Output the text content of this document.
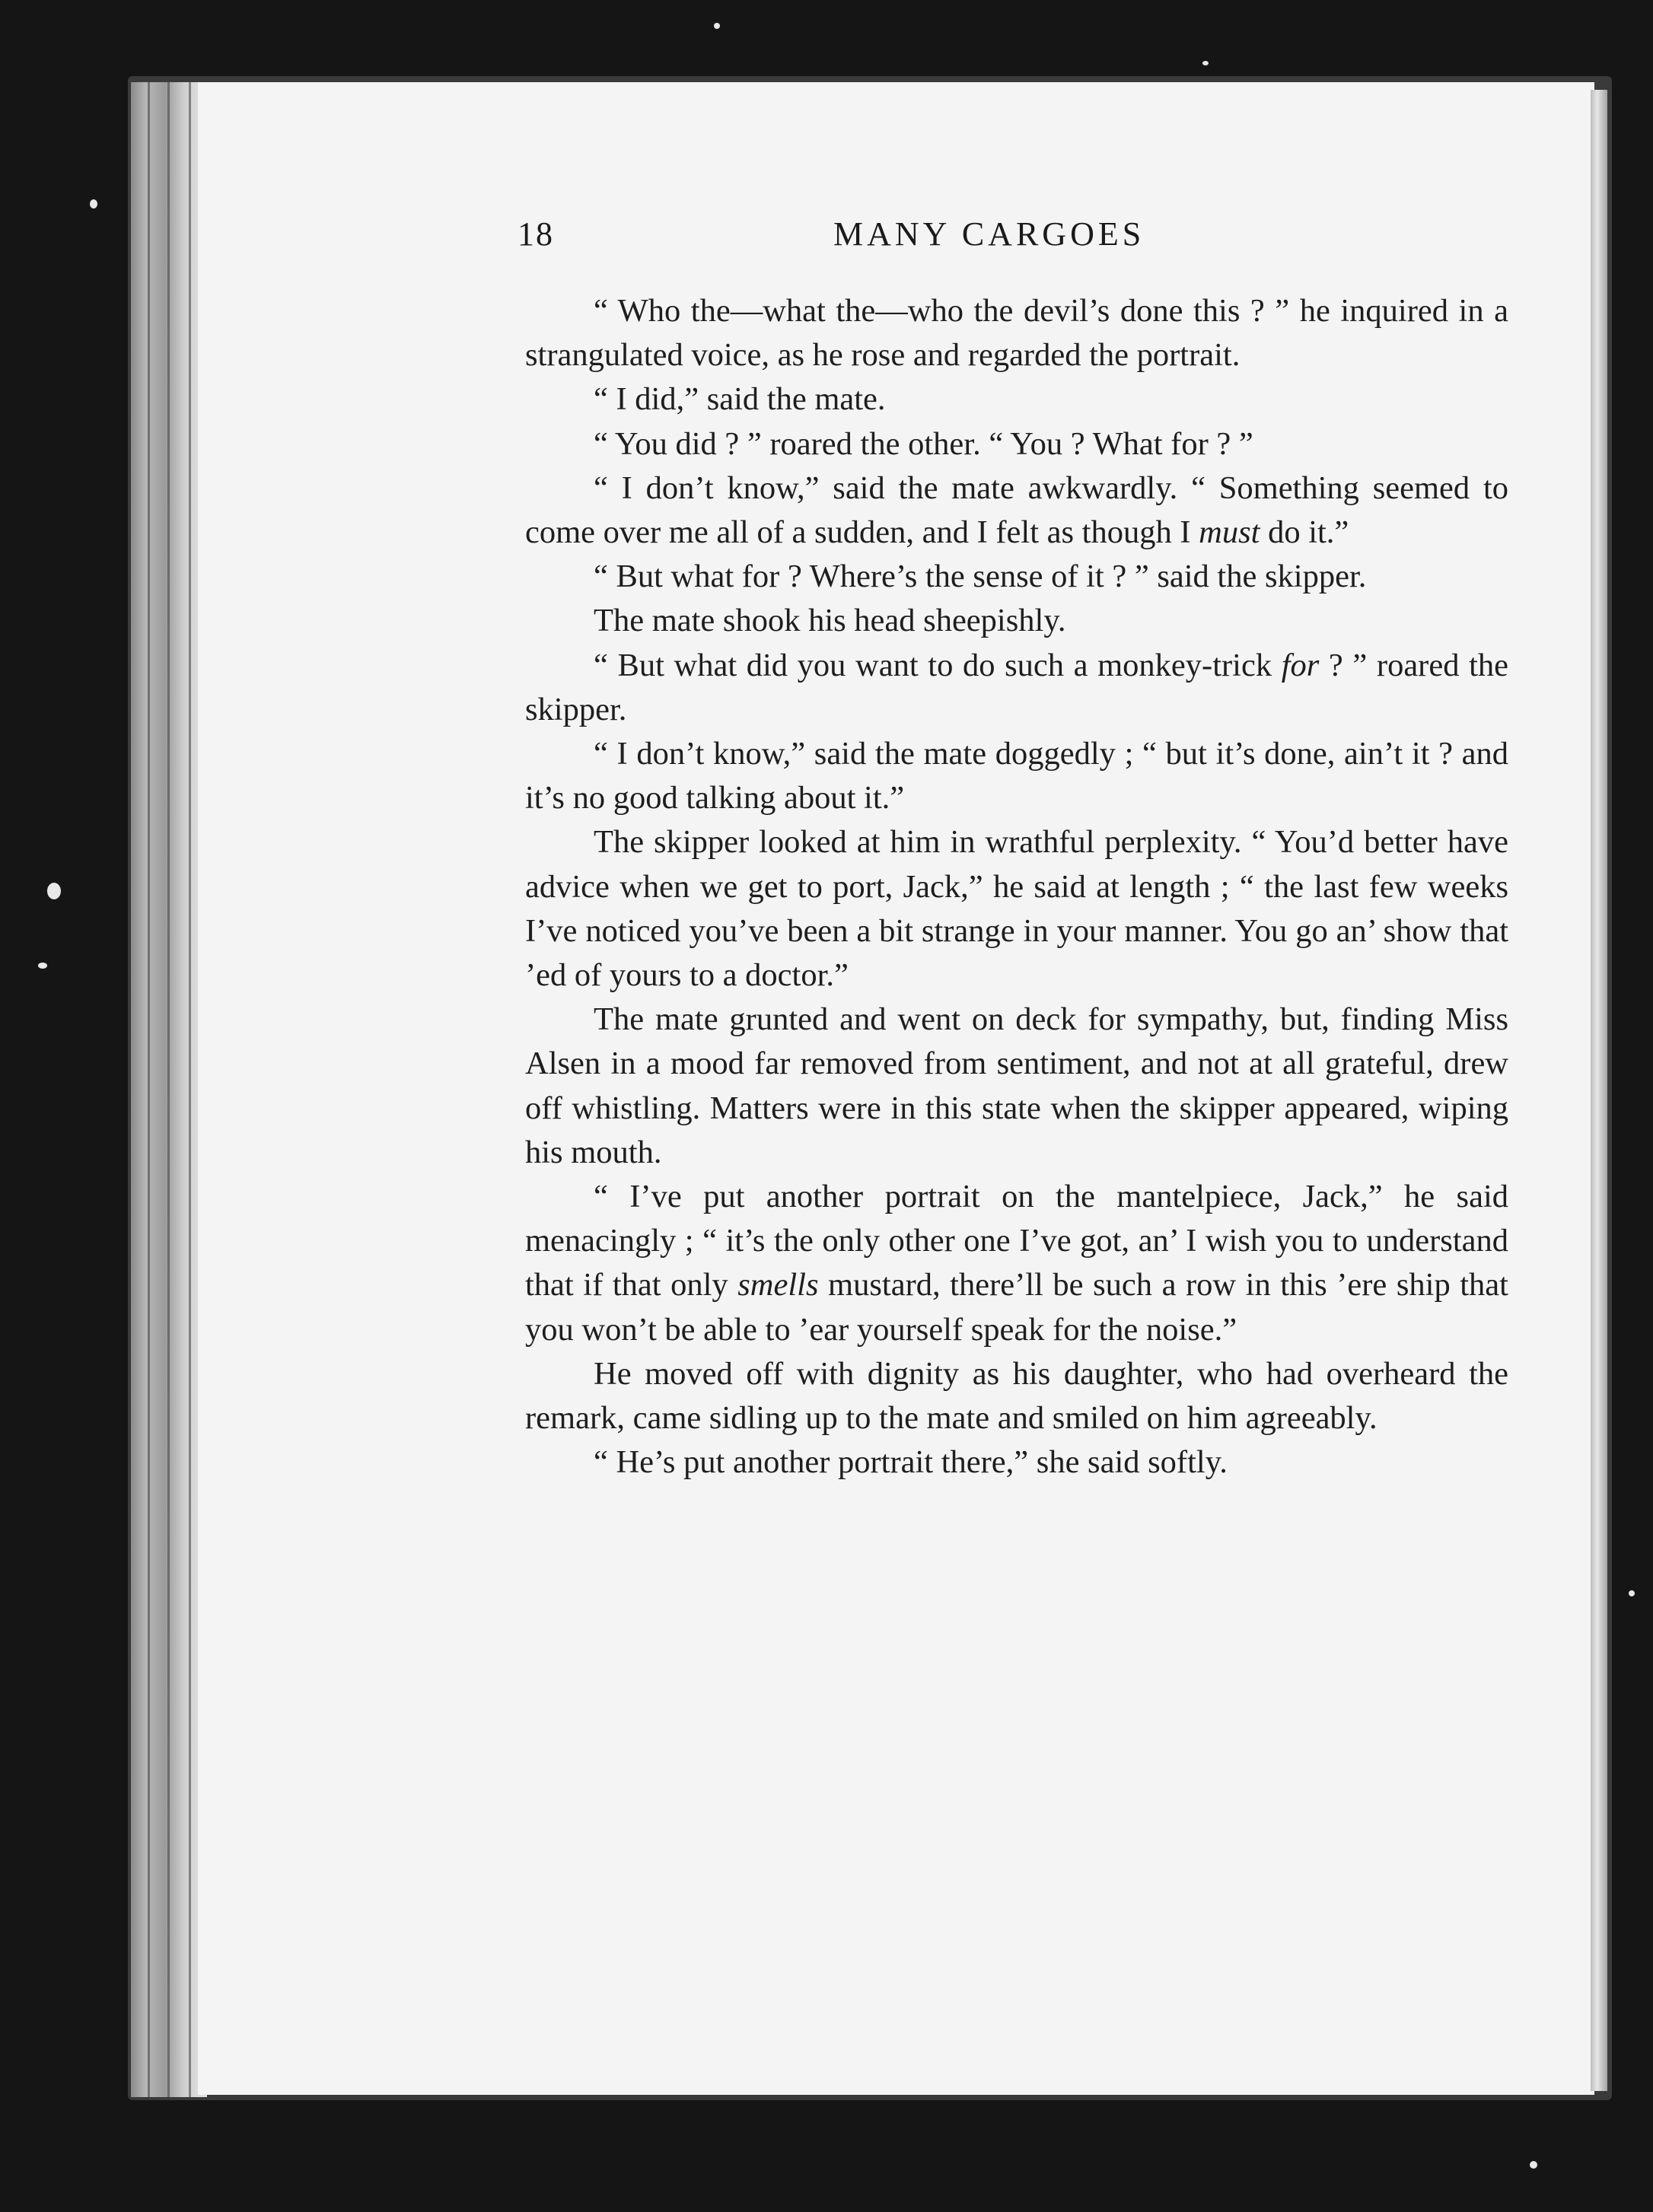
18	MANY CARGOES

“ Who the—what the—who the devil’s done this ? ” he inquired in a strangulated voice, as he rose and regarded the portrait.

“ I did,” said the mate.

“ You did ? ” roared the other. “ You ? What for ? ”

“ I don’t know,” said the mate awkwardly. “ Something seemed to come over me all of a sudden, and I felt as though I must do it.”

“ But what for ? Where’s the sense of it ? ” said the skipper.

The mate shook his head sheepishly.

“ But what did you want to do such a monkey-trick for ? ” roared the skipper.

“ I don’t know,” said the mate doggedly ; “ but it’s done, ain’t it ? and it’s no good talking about it.”

The skipper looked at him in wrathful perplexity. “ You’d better have advice when we get to port, Jack,” he said at length ; “ the last few weeks I’ve noticed you’ve been a bit strange in your manner. You go an’ show that ’ed of yours to a doctor.”

The mate grunted and went on deck for sympathy, but, finding Miss Alsen in a mood far removed from sentiment, and not at all grateful, drew off whistling. Matters were in this state when the skipper appeared, wiping his mouth.

“ I’ve put another portrait on the mantelpiece, Jack,” he said menacingly ; “ it’s the only other one I’ve got, an’ I wish you to understand that if that only smells mustard, there’ll be such a row in this ’ere ship that you won’t be able to ’ear yourself speak for the noise.”

He moved off with dignity as his daughter, who had overheard the remark, came sidling up to the mate and smiled on him agreeably.

“ He’s put another portrait there,” she said softly.
